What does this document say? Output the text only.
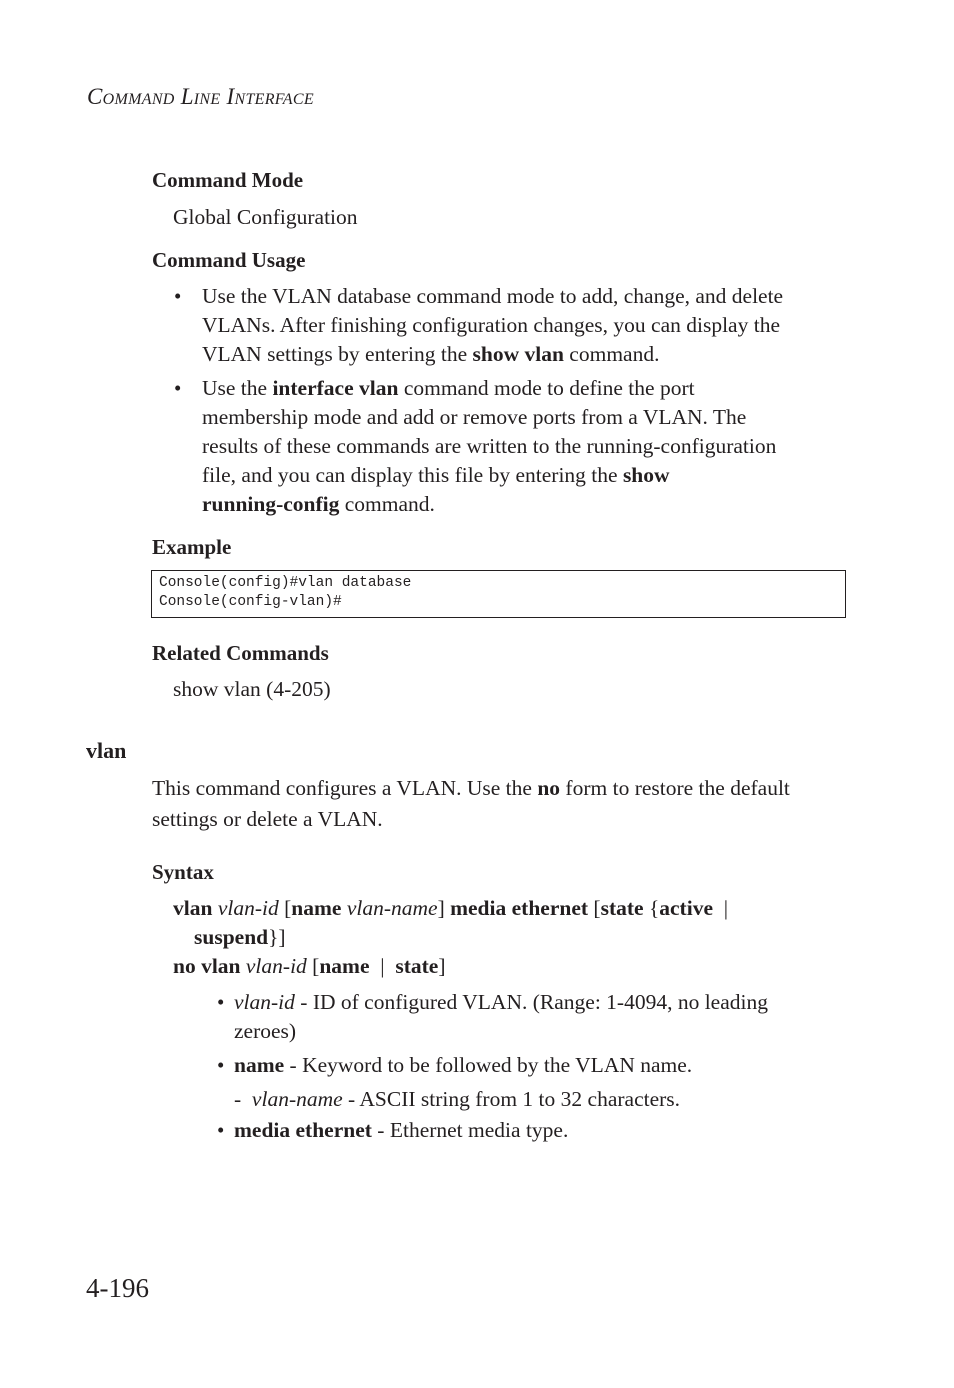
Command Line Interface
Command Mode
Global Configuration
Command Usage
• Use the VLAN database command mode to add, change, and delete
VLANs. After finishing configuration changes, you can display the
VLAN settings by entering the show vlan command.
• Use the interface vlan command mode to define the port
membership mode and add or remove ports from a VLAN. The
results of these commands are written to the running-configuration
file, and you can display this file by entering the show
running-config command.
Example
Console(config)#vlan database
Console(config-vlan)#
Related Commands
show vlan (4-205)
vlan
This command configures a VLAN. Use the no form to restore the default
settings or delete a VLAN.
Syntax
vlan vlan-id [name vlan-name] media ethernet [state {active |
suspend}]
no vlan vlan-id [name | state]
• vlan-id - ID of configured VLAN. (Range: 1-4094, no leading
zeroes)
• name - Keyword to be followed by the VLAN name.
- vlan-name - ASCII string from 1 to 32 characters.
• media ethernet - Ethernet media type.
4-196
